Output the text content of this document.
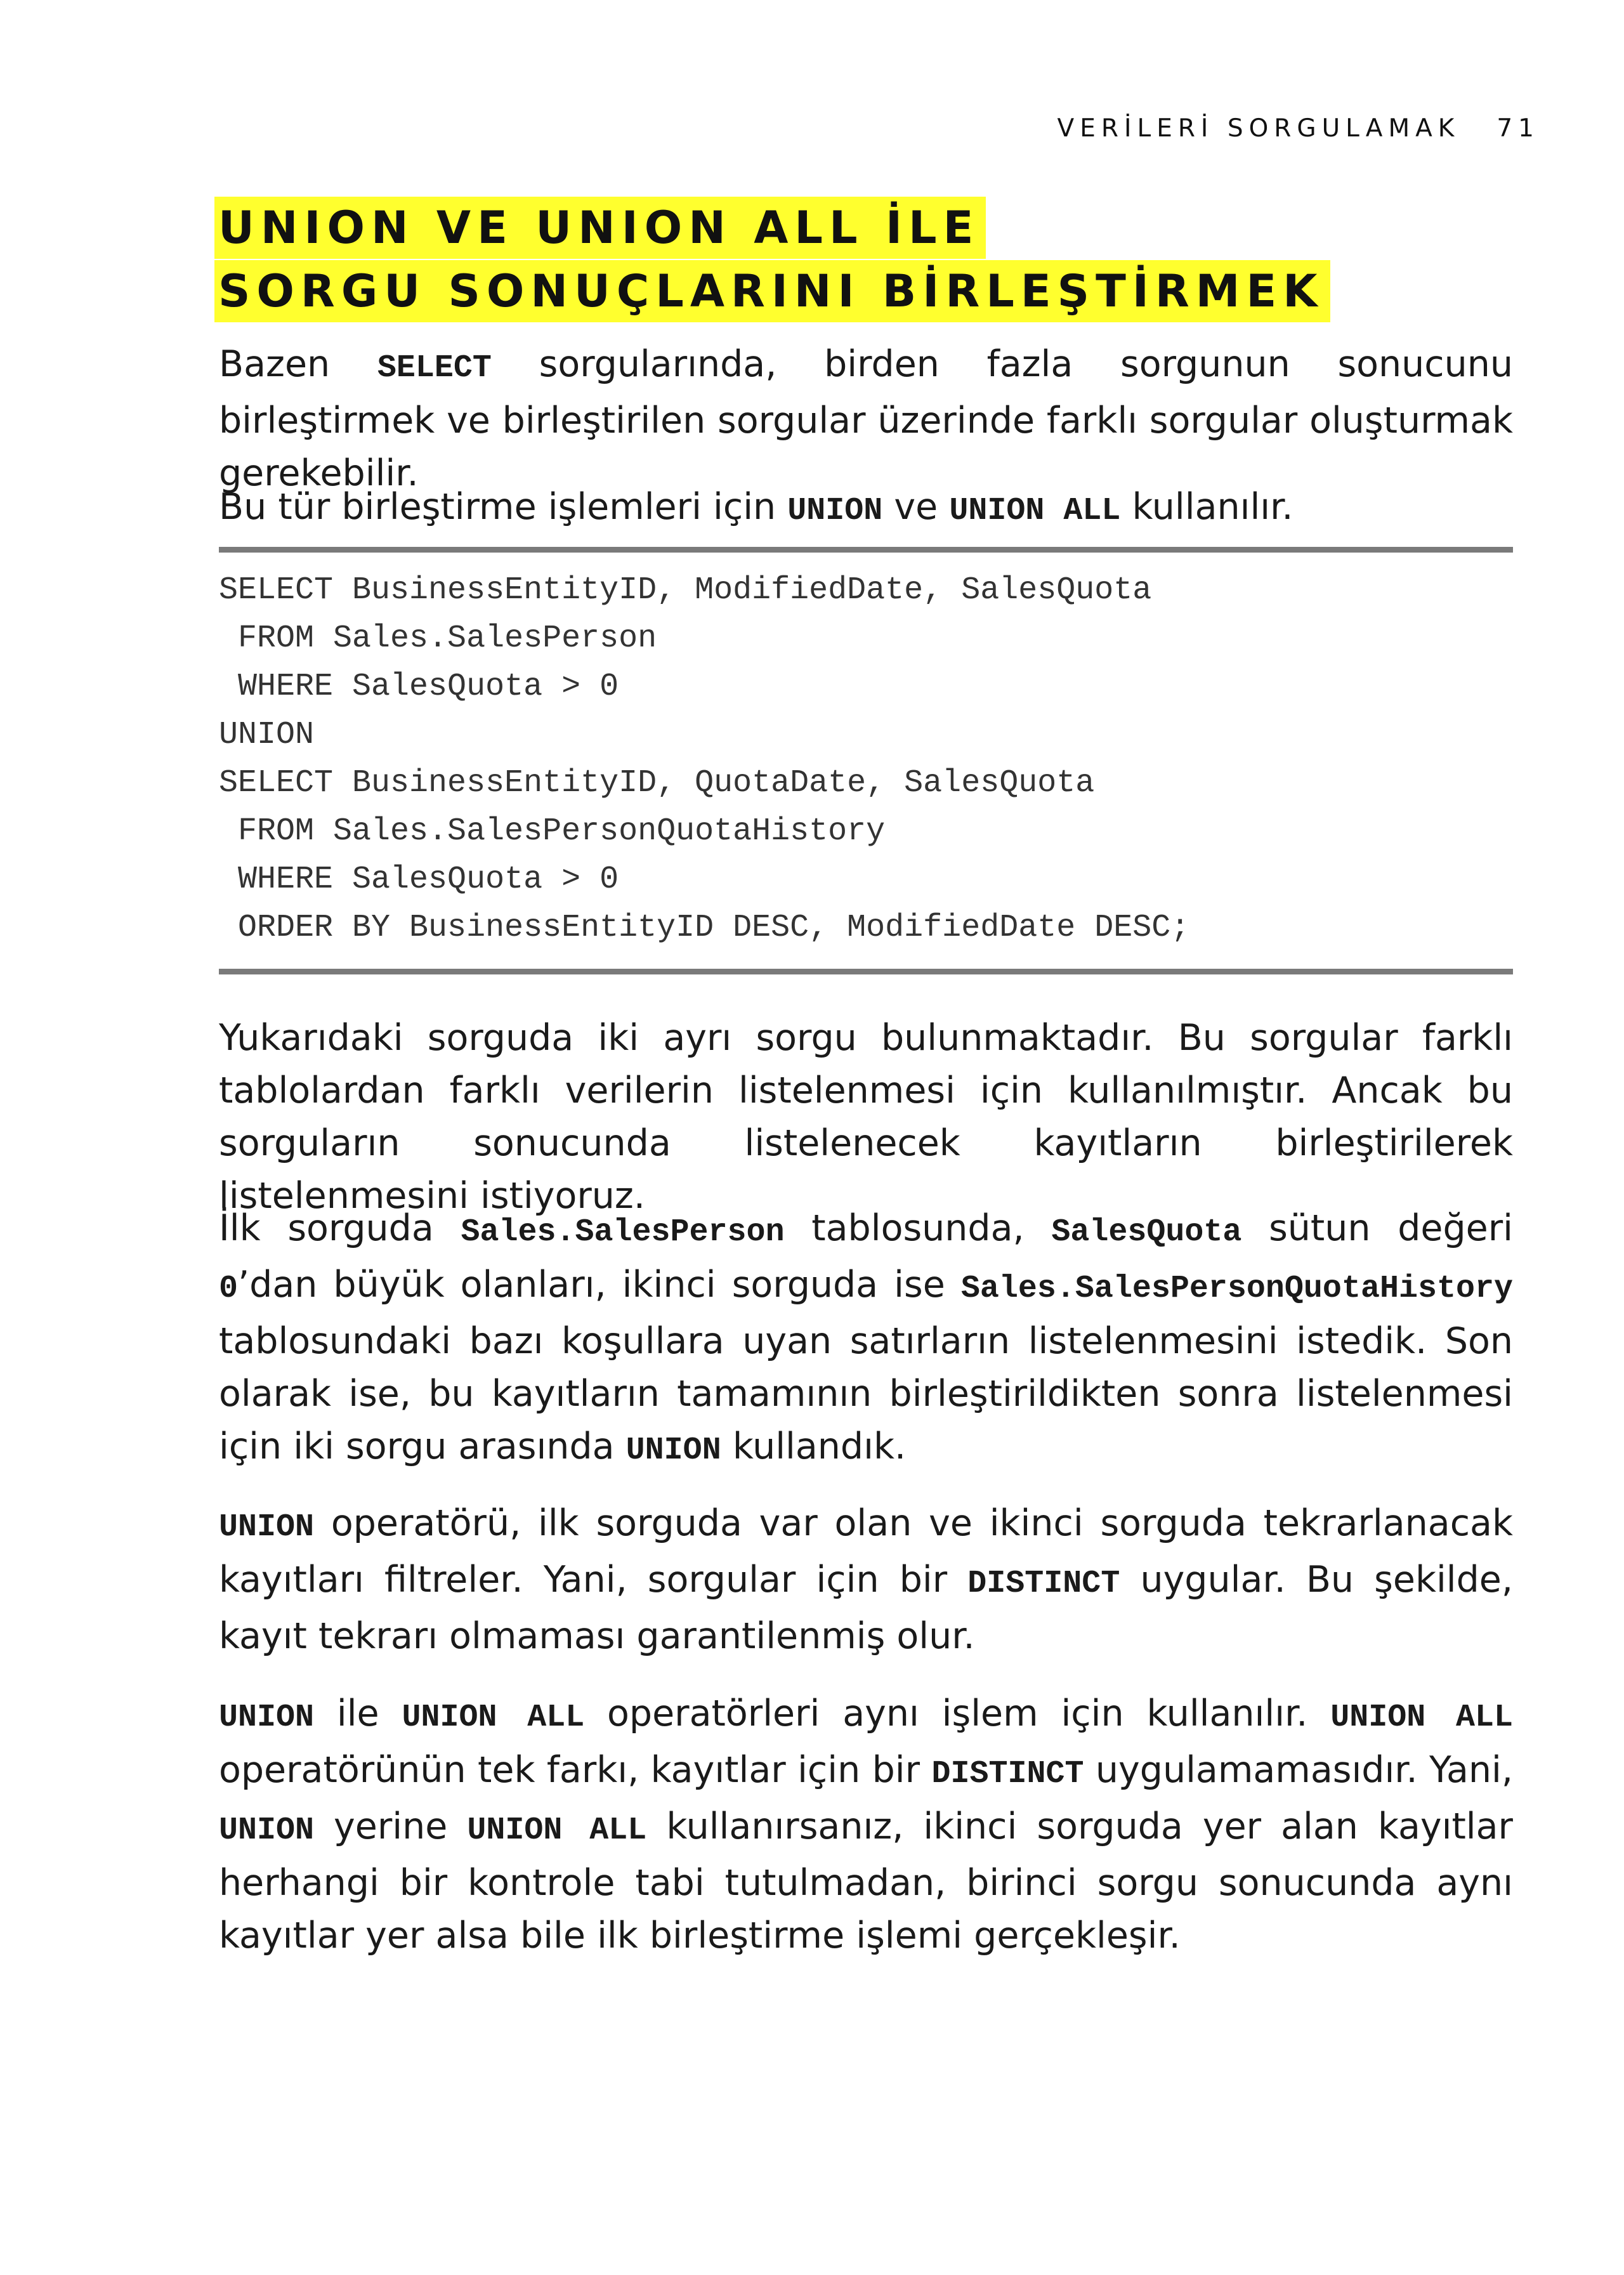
VERİLERİ SORGULAMAK 71
UNION VE UNION ALL İLE
SORGU SONUÇLARINI BİRLEŞTİRMEK

Bazen SELECT sorgularında, birden fazla sorgunun sonucunu birleştirmek ve birleştirilen sorgular üzerinde farklı sorgular oluşturmak gerekebilir.

Bu tür birleştirme işlemleri için UNION ve UNION ALL kullanılır.

SELECT BusinessEntityID, ModifiedDate, SalesQuota
FROM Sales.SalesPerson
WHERE SalesQuota > 0
UNION
SELECT BusinessEntityID, QuotaDate, SalesQuota
FROM Sales.SalesPersonQuotaHistory
WHERE SalesQuota > 0
ORDER BY BusinessEntityID DESC, ModifiedDate DESC;

Yukarıdaki sorguda iki ayrı sorgu bulunmaktadır. Bu sorgular farklı tablolardan farklı verilerin listelenmesi için kullanılmıştır. Ancak bu sorguların sonucunda listelenecek kayıtların birleştirilerek listelenmesini istiyoruz.

İlk sorguda Sales.SalesPerson tablosunda, SalesQuota sütun değeri 0’dan büyük olanları, ikinci sorguda ise Sales.SalesPersonQuotaHistory tablosundaki bazı koşullara uyan satırların listelenmesini istedik. Son olarak ise, bu kayıtların tamamının birleştirildikten sonra listelenmesi için iki sorgu arasında UNION kullandık.

UNION operatörü, ilk sorguda var olan ve ikinci sorguda tekrarlanacak kayıtları filtreler. Yani, sorgular için bir DISTINCT uygular. Bu şekilde, kayıt tekrarı olmaması garantilenmiş olur.

UNION ile UNION ALL operatörleri aynı işlem için kullanılır. UNION ALL operatörünün tek farkı, kayıtlar için bir DISTINCT uygulamamasıdır. Yani, UNION yerine UNION ALL kullanırsanız, ikinci sorguda yer alan kayıtlar herhangi bir kontrole tabi tutulmadan, birinci sorgu sonucunda aynı kayıtlar yer alsa bile ilk birleştirme işlemi gerçekleşir.
